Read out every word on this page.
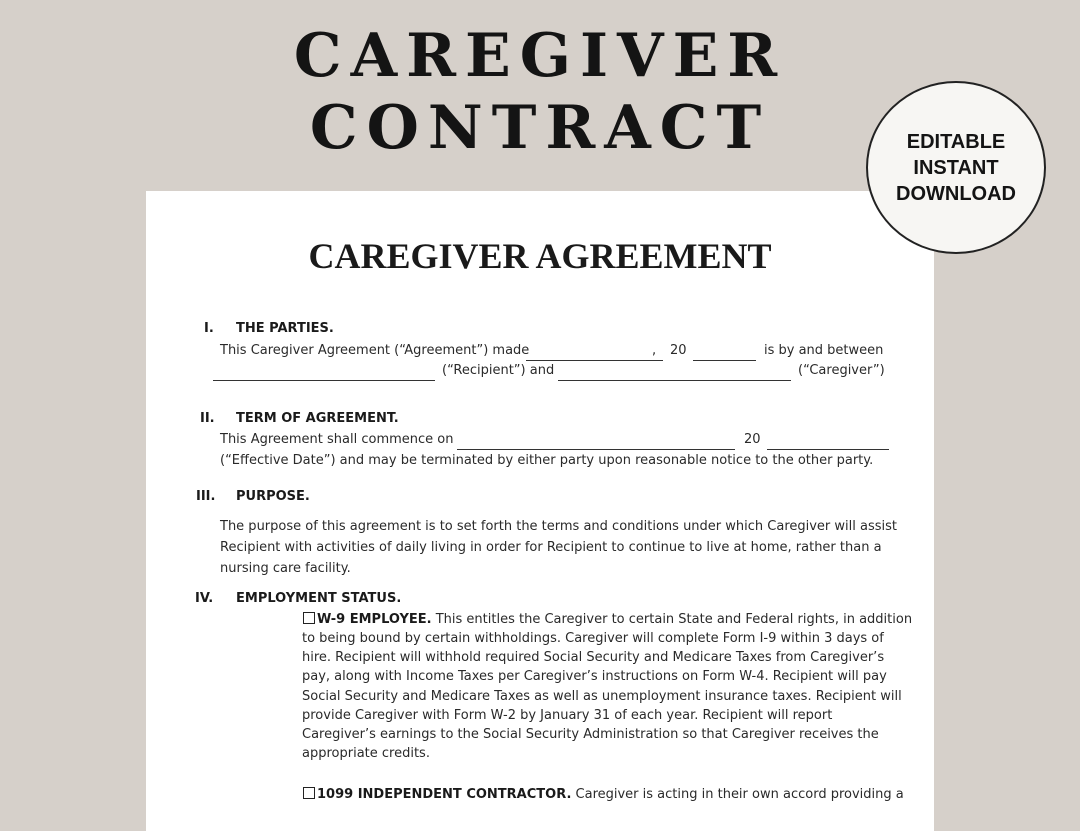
CAREGIVER
CONTRACT
CAREGIVER AGREEMENT
I. THE PARTIES.
This Caregiver Agreement (“Agreement”) made	, 20	is by and between
(“Recipient”) and	(“Caregiver”)
II. TERM OF AGREEMENT.
This Agreement shall commence on	20
(“Effective Date”) and may be terminated by either party upon reasonable notice to the other party.
III. PURPOSE.
The purpose of this agreement is to set forth the terms and conditions under which Caregiver will assist
Recipient with activities of daily living in order for Recipient to continue to live at home, rather than a
nursing care facility.
IV. EMPLOYMENT STATUS.
W-9 EMPLOYEE. This entitles the Caregiver to certain State and Federal rights, in addition
to being bound by certain withholdings. Caregiver will complete Form I-9 within 3 days of
hire. Recipient will withhold required Social Security and Medicare Taxes from Caregiver’s
pay, along with Income Taxes per Caregiver’s instructions on Form W-4. Recipient will pay
Social Security and Medicare Taxes as well as unemployment insurance taxes. Recipient will
provide Caregiver with Form W-2 by January 31 of each year. Recipient will report
Caregiver’s earnings to the Social Security Administration so that Caregiver receives the
appropriate credits.
1099 INDEPENDENT CONTRACTOR. Caregiver is acting in their own accord providing a
EDITABLE
INSTANT
DOWNLOAD
